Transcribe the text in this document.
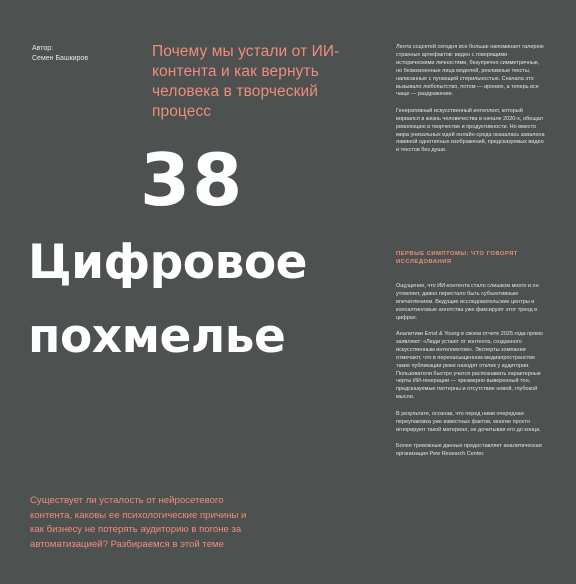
Автор:
Семен Башкиров	Почему мы устали от ИИ-контента и как вернуть человека в творческий процесс
38
Цифровое
похмелье
Существует ли усталость от нейросетевого контента, каковы ее психологические причины и как бизнесу не потерять аудиторию в погоне за автоматизацией? Разбираемся в этой теме

Лента соцсетей сегодня все больше напоминает галерею странных артефактов: видео с говорящими историческими личностями, безупречно симметричные, но безжизненные лица моделей, рекламные тексты, написанные с пугающей стерильностью. Сначала это вызывало любопытство, потом — иронию, а теперь все чаще — раздражение.

Генеративный искусственный интеллект, который ворвался в жизнь человечества в начале 2020-х, обещал революцию в творчестве и продуктивности. Но вместо мира уникальных идей онлайн-среда оказалась завалена лавиной однотипных изображений, предсказуемых видео и текстов без души.

ПЕРВЫЕ СИМПТОМЫ: ЧТО ГОВОРЯТ ИССЛЕДОВАНИЯ

Ощущение, что ИИ-контента стало слишком много и он утомляет, давно перестало быть субъективным впечатлением. Ведущие исследовательские центры и консалтинговые агентства уже фиксируют этот тренд в цифрах.

Аналитики Ernst & Young в своем отчете 2025 года прямо заявляют: «Люди устают от контента, созданного искусственным интеллектом». Эксперты компании отмечают, что в перенасыщенном медиапространстве такие публикации реже находят отклик у аудитории. Пользователи быстро учатся распознавать характерные черты ИИ-генерации — чрезмерно выверенный тон, предсказуемые паттерны и отсутствие новой, глубокой мысли.

В результате, осознав, что перед ними очередная переупаковка уже известных фактов, многие просто игнорируют такой материал, не дочитывая его до конца.

Более тревожные данные предоставляет аналитическая организация Pew Research Center.
